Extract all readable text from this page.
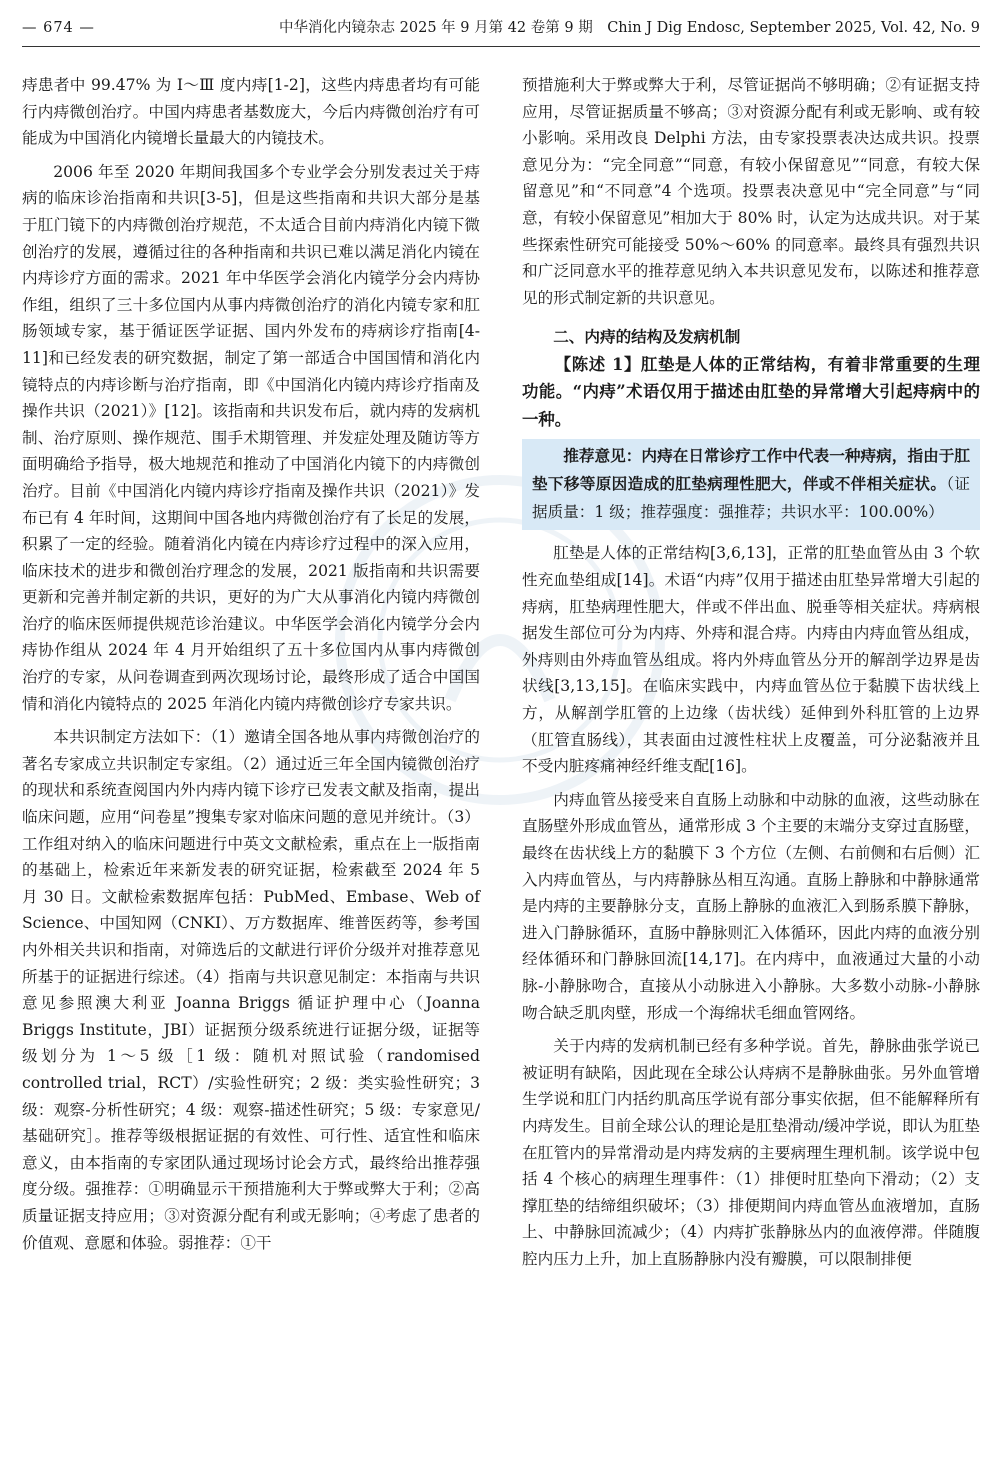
— 674 —	中华消化内镜杂志 2025 年 9 月第 42 卷第 9 期　Chin J Dig Endosc, September 2025, Vol. 42, No. 9

痔患者中 99.47% 为 Ⅰ～Ⅲ 度内痔[1-2]，这些内痔患者均有可能行内痔微创治疗。中国内痔患者基数庞大，今后内痔微创治疗有可能成为中国消化内镜增长量最大的内镜技术。

2006 年至 2020 年期间我国多个专业学会分别发表过关于痔病的临床诊治指南和共识[3-5]，但是这些指南和共识大部分是基于肛门镜下的内痔微创治疗规范，不太适合目前内痔消化内镜下微创治疗的发展，遵循过往的各种指南和共识已难以满足消化内镜在内痔诊疗方面的需求。2021 年中华医学会消化内镜学分会内痔协作组，组织了三十多位国内从事内痔微创治疗的消化内镜专家和肛肠领域专家，基于循证医学证据、国内外发布的痔病诊疗指南[4-11]和已经发表的研究数据，制定了第一部适合中国国情和消化内镜特点的内痔诊断与治疗指南，即《中国消化内镜内痔诊疗指南及操作共识（2021）》[12]。该指南和共识发布后，就内痔的发病机制、治疗原则、操作规范、围手术期管理、并发症处理及随访等方面明确给予指导，极大地规范和推动了中国消化内镜下的内痔微创治疗。目前《中国消化内镜内痔诊疗指南及操作共识（2021）》发布已有 4 年时间，这期间中国各地内痔微创治疗有了长足的发展，积累了一定的经验。随着消化内镜在内痔诊疗过程中的深入应用，临床技术的进步和微创治疗理念的发展，2021 版指南和共识需要更新和完善并制定新的共识，更好的为广大从事消化内镜内痔微创治疗的临床医师提供规范诊治建议。中华医学会消化内镜学分会内痔协作组从 2024 年 4 月开始组织了五十多位国内从事内痔微创治疗的专家，从问卷调查到两次现场讨论，最终形成了适合中国国情和消化内镜特点的 2025 年消化内镜内痔微创诊疗专家共识。

本共识制定方法如下：（1）邀请全国各地从事内痔微创治疗的著名专家成立共识制定专家组。（2）通过近三年全国内镜微创治疗的现状和系统查阅国内外内痔内镜下诊疗已发表文献及指南，提出临床问题，应用“问卷星”搜集专家对临床问题的意见并统计。（3）工作组对纳入的临床问题进行中英文文献检索，重点在上一版指南的基础上，检索近年来新发表的研究证据，检索截至 2024 年 5 月 30 日。文献检索数据库包括：PubMed、Embase、Web of Science、中国知网（CNKI）、万方数据库、维普医药等，参考国内外相关共识和指南，对筛选后的文献进行评价分级并对推荐意见所基于的证据进行综述。（4）指南与共识意见制定：本指南与共识意见参照澳大利亚 Joanna Briggs 循证护理中心（Joanna Briggs Institute，JBI）证据预分级系统进行证据分级，证据等级划分为 1～5 级［1 级：随机对照试验（randomised controlled trial，RCT）/实验性研究；2 级：类实验性研究；3 级：观察-分析性研究；4 级：观察-描述性研究；5 级：专家意见/基础研究］。推荐等级根据证据的有效性、可行性、适宜性和临床意义，由本指南的专家团队通过现场讨论会方式，最终给出推荐强度分级。强推荐：①明确显示干预措施利大于弊或弊大于利；②高质量证据支持应用；③对资源分配有利或无影响；④考虑了患者的价值观、意愿和体验。弱推荐：①干

预措施利大于弊或弊大于利，尽管证据尚不够明确；②有证据支持应用，尽管证据质量不够高；③对资源分配有利或无影响、或有较小影响。采用改良 Delphi 方法，由专家投票表决达成共识。投票意见分为：“完全同意”“同意，有较小保留意见”“同意，有较大保留意见”和“不同意”4 个选项。投票表决意见中“完全同意”与“同意，有较小保留意见”相加大于 80% 时，认定为达成共识。对于某些探索性研究可能接受 50%～60% 的同意率。最终具有强烈共识和广泛同意水平的推荐意见纳入本共识意见发布，以陈述和推荐意见的形式制定新的共识意见。

二、内痔的结构及发病机制

【陈述 1】肛垫是人体的正常结构，有着非常重要的生理功能。“内痔”术语仅用于描述由肛垫的异常增大引起痔病中的一种。

推荐意见：内痔在日常诊疗工作中代表一种痔病，指由于肛垫下移等原因造成的肛垫病理性肥大，伴或不伴相关症状。（证据质量：1 级；推荐强度：强推荐；共识水平：100.00%）

肛垫是人体的正常结构[3,6,13]，正常的肛垫血管丛由 3 个软性充血垫组成[14]。术语“内痔”仅用于描述由肛垫异常增大引起的痔病，肛垫病理性肥大，伴或不伴出血、脱垂等相关症状。痔病根据发生部位可分为内痔、外痔和混合痔。内痔由内痔血管丛组成，外痔则由外痔血管丛组成。将内外痔血管丛分开的解剖学边界是齿状线[3,13,15]。在临床实践中，内痔血管丛位于黏膜下齿状线上方，从解剖学肛管的上边缘（齿状线）延伸到外科肛管的上边界（肛管直肠线），其表面由过渡性柱状上皮覆盖，可分泌黏液并且不受内脏疼痛神经纤维支配[16]。

内痔血管丛接受来自直肠上动脉和中动脉的血液，这些动脉在直肠壁外形成血管丛，通常形成 3 个主要的末端分支穿过直肠壁，最终在齿状线上方的黏膜下 3 个方位（左侧、右前侧和右后侧）汇入内痔血管丛，与内痔静脉丛相互沟通。直肠上静脉和中静脉通常是内痔的主要静脉分支，直肠上静脉的血液汇入到肠系膜下静脉，进入门静脉循环，直肠中静脉则汇入体循环，因此内痔的血液分别经体循环和门静脉回流[14,17]。在内痔中，血液通过大量的小动脉-小静脉吻合，直接从小动脉进入小静脉。大多数小动脉-小静脉吻合缺乏肌肉壁，形成一个海绵状毛细血管网络。

关于内痔的发病机制已经有多种学说。首先，静脉曲张学说已被证明有缺陷，因此现在全球公认痔病不是静脉曲张。另外血管增生学说和肛门内括约肌高压学说有部分事实依据，但不能解释所有内痔发生。目前全球公认的理论是肛垫滑动/缓冲学说，即认为肛垫在肛管内的异常滑动是内痔发病的主要病理生理机制。该学说中包括 4 个核心的病理生理事件：（1）排便时肛垫向下滑动；（2）支撑肛垫的结缔组织破坏；（3）排便期间内痔血管丛血液增加，直肠上、中静脉回流减少；（4）内痔扩张静脉丛内的血液停滞。伴随腹腔内压力上升，加上直肠静脉内没有瓣膜，可以限制排便
